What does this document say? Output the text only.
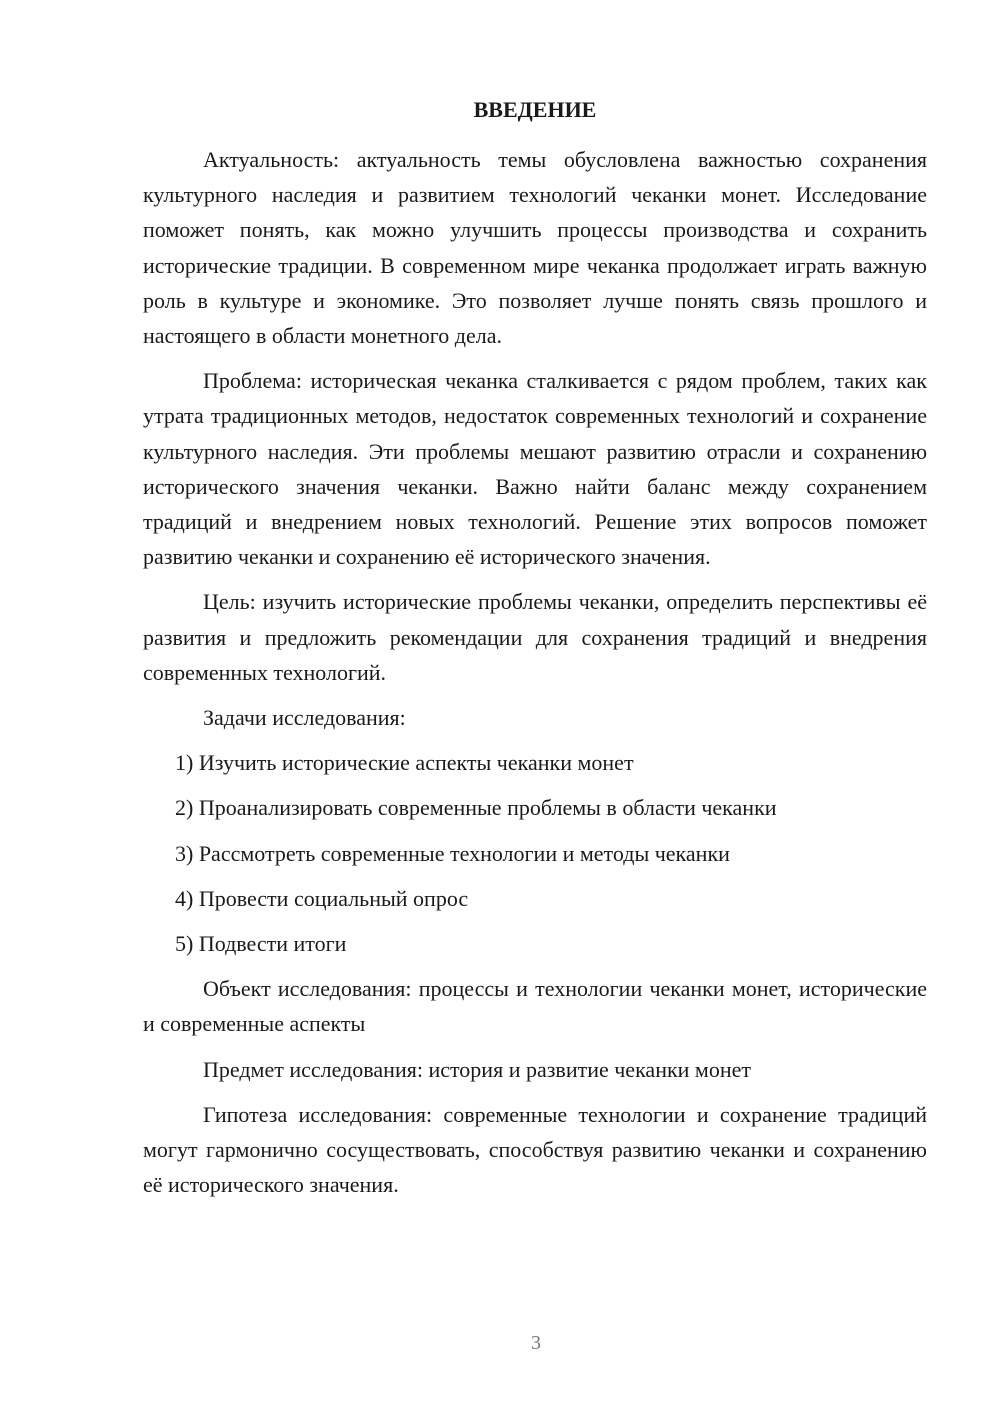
ВВЕДЕНИЕ

Актуальность: актуальность темы обусловлена важностью сохранения культурного наследия и развитием технологий чеканки монет. Исследование поможет понять, как можно улучшить процессы производства и сохранить исторические традиции. В современном мире чеканка продолжает играть важную роль в культуре и экономике. Это позволяет лучше понять связь прошлого и настоящего в области монетного дела.

Проблема: историческая чеканка сталкивается с рядом проблем, таких как утрата традиционных методов, недостаток современных технологий и сохранение культурного наследия. Эти проблемы мешают развитию отрасли и сохранению исторического значения чеканки. Важно найти баланс между сохранением традиций и внедрением новых технологий. Решение этих вопросов поможет развитию чеканки и сохранению её исторического значения.

Цель: изучить исторические проблемы чеканки, определить перспективы её развития и предложить рекомендации для сохранения традиций и внедрения современных технологий.

Задачи исследования:

1) Изучить исторические аспекты чеканки монет
2) Проанализировать современные проблемы в области чеканки
3) Рассмотреть современные технологии и методы чеканки
4) Провести социальный опрос
5) Подвести итоги

Объект исследования: процессы и технологии чеканки монет, исторические и современные аспекты

Предмет исследования: история и развитие чеканки монет

Гипотеза исследования: современные технологии и сохранение традиций могут гармонично сосуществовать, способствуя развитию чеканки и сохранению её исторического значения.

3
